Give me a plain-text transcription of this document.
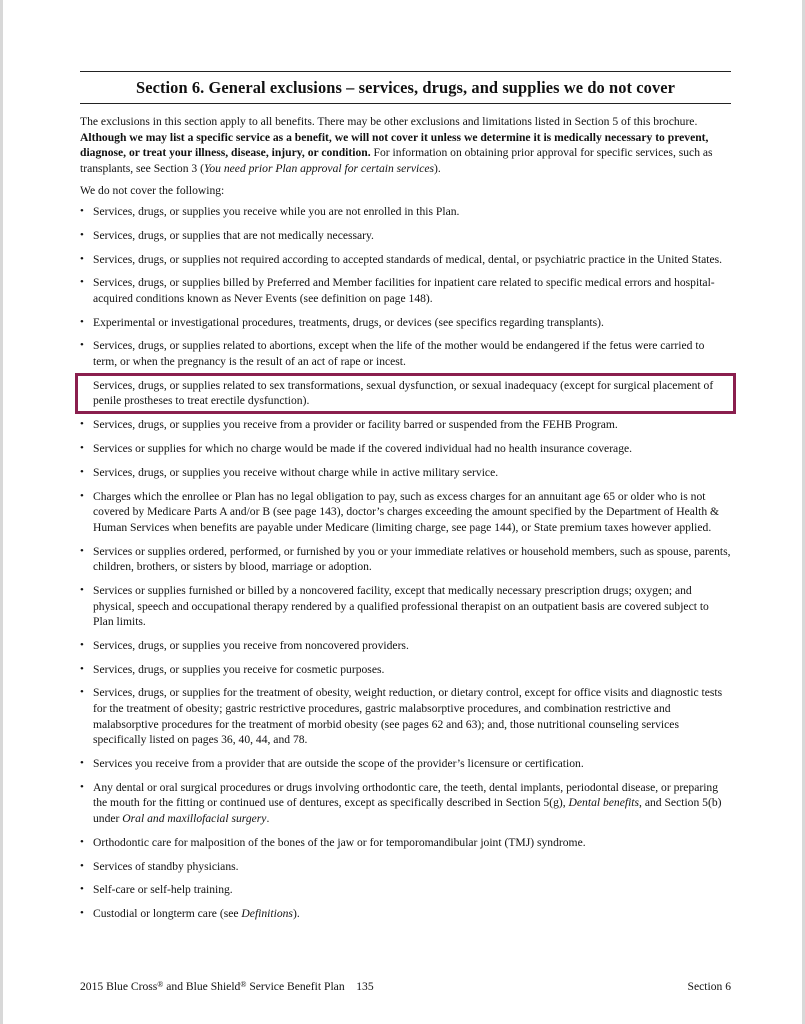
Section 6. General exclusions – services, drugs, and supplies we do not cover

The exclusions in this section apply to all benefits. There may be other exclusions and limitations listed in Section 5 of this brochure. Although we may list a specific service as a benefit, we will not cover it unless we determine it is medically necessary to prevent, diagnose, or treat your illness, disease, injury, or condition. For information on obtaining prior approval for specific services, such as transplants, see Section 3 (You need prior Plan approval for certain services).

We do not cover the following:

• Services, drugs, or supplies you receive while you are not enrolled in this Plan.
• Services, drugs, or supplies that are not medically necessary.
• Services, drugs, or supplies not required according to accepted standards of medical, dental, or psychiatric practice in the United States.
• Services, drugs, or supplies billed by Preferred and Member facilities for inpatient care related to specific medical errors and hospital-acquired conditions known as Never Events (see definition on page 148).
• Experimental or investigational procedures, treatments, drugs, or devices (see specifics regarding transplants).
• Services, drugs, or supplies related to abortions, except when the life of the mother would be endangered if the fetus were carried to term, or when the pregnancy is the result of an act of rape or incest.
Services, drugs, or supplies related to sex transformations, sexual dysfunction, or sexual inadequacy (except for surgical placement of penile prostheses to treat erectile dysfunction).
• Services, drugs, or supplies you receive from a provider or facility barred or suspended from the FEHB Program.
• Services or supplies for which no charge would be made if the covered individual had no health insurance coverage.
• Services, drugs, or supplies you receive without charge while in active military service.
• Charges which the enrollee or Plan has no legal obligation to pay, such as excess charges for an annuitant age 65 or older who is not covered by Medicare Parts A and/or B (see page 143), doctor’s charges exceeding the amount specified by the Department of Health & Human Services when benefits are payable under Medicare (limiting charge, see page 144), or State premium taxes however applied.
• Services or supplies ordered, performed, or furnished by you or your immediate relatives or household members, such as spouse, parents, children, brothers, or sisters by blood, marriage or adoption.
• Services or supplies furnished or billed by a noncovered facility, except that medically necessary prescription drugs; oxygen; and physical, speech and occupational therapy rendered by a qualified professional therapist on an outpatient basis are covered subject to Plan limits.
• Services, drugs, or supplies you receive from noncovered providers.
• Services, drugs, or supplies you receive for cosmetic purposes.
• Services, drugs, or supplies for the treatment of obesity, weight reduction, or dietary control, except for office visits and diagnostic tests for the treatment of obesity; gastric restrictive procedures, gastric malabsorptive procedures, and combination restrictive and malabsorptive procedures for the treatment of morbid obesity (see pages 62 and 63); and, those nutritional counseling services specifically listed on pages 36, 40, 44, and 78.
• Services you receive from a provider that are outside the scope of the provider’s licensure or certification.
• Any dental or oral surgical procedures or drugs involving orthodontic care, the teeth, dental implants, periodontal disease, or preparing the mouth for the fitting or continued use of dentures, except as specifically described in Section 5(g), Dental benefits, and Section 5(b) under Oral and maxillofacial surgery.
• Orthodontic care for malposition of the bones of the jaw or for temporomandibular joint (TMJ) syndrome.
• Services of standby physicians.
• Self-care or self-help training.
• Custodial or longterm care (see Definitions).
2015 Blue Cross® and Blue Shield® Service Benefit Plan 135	Section 6
